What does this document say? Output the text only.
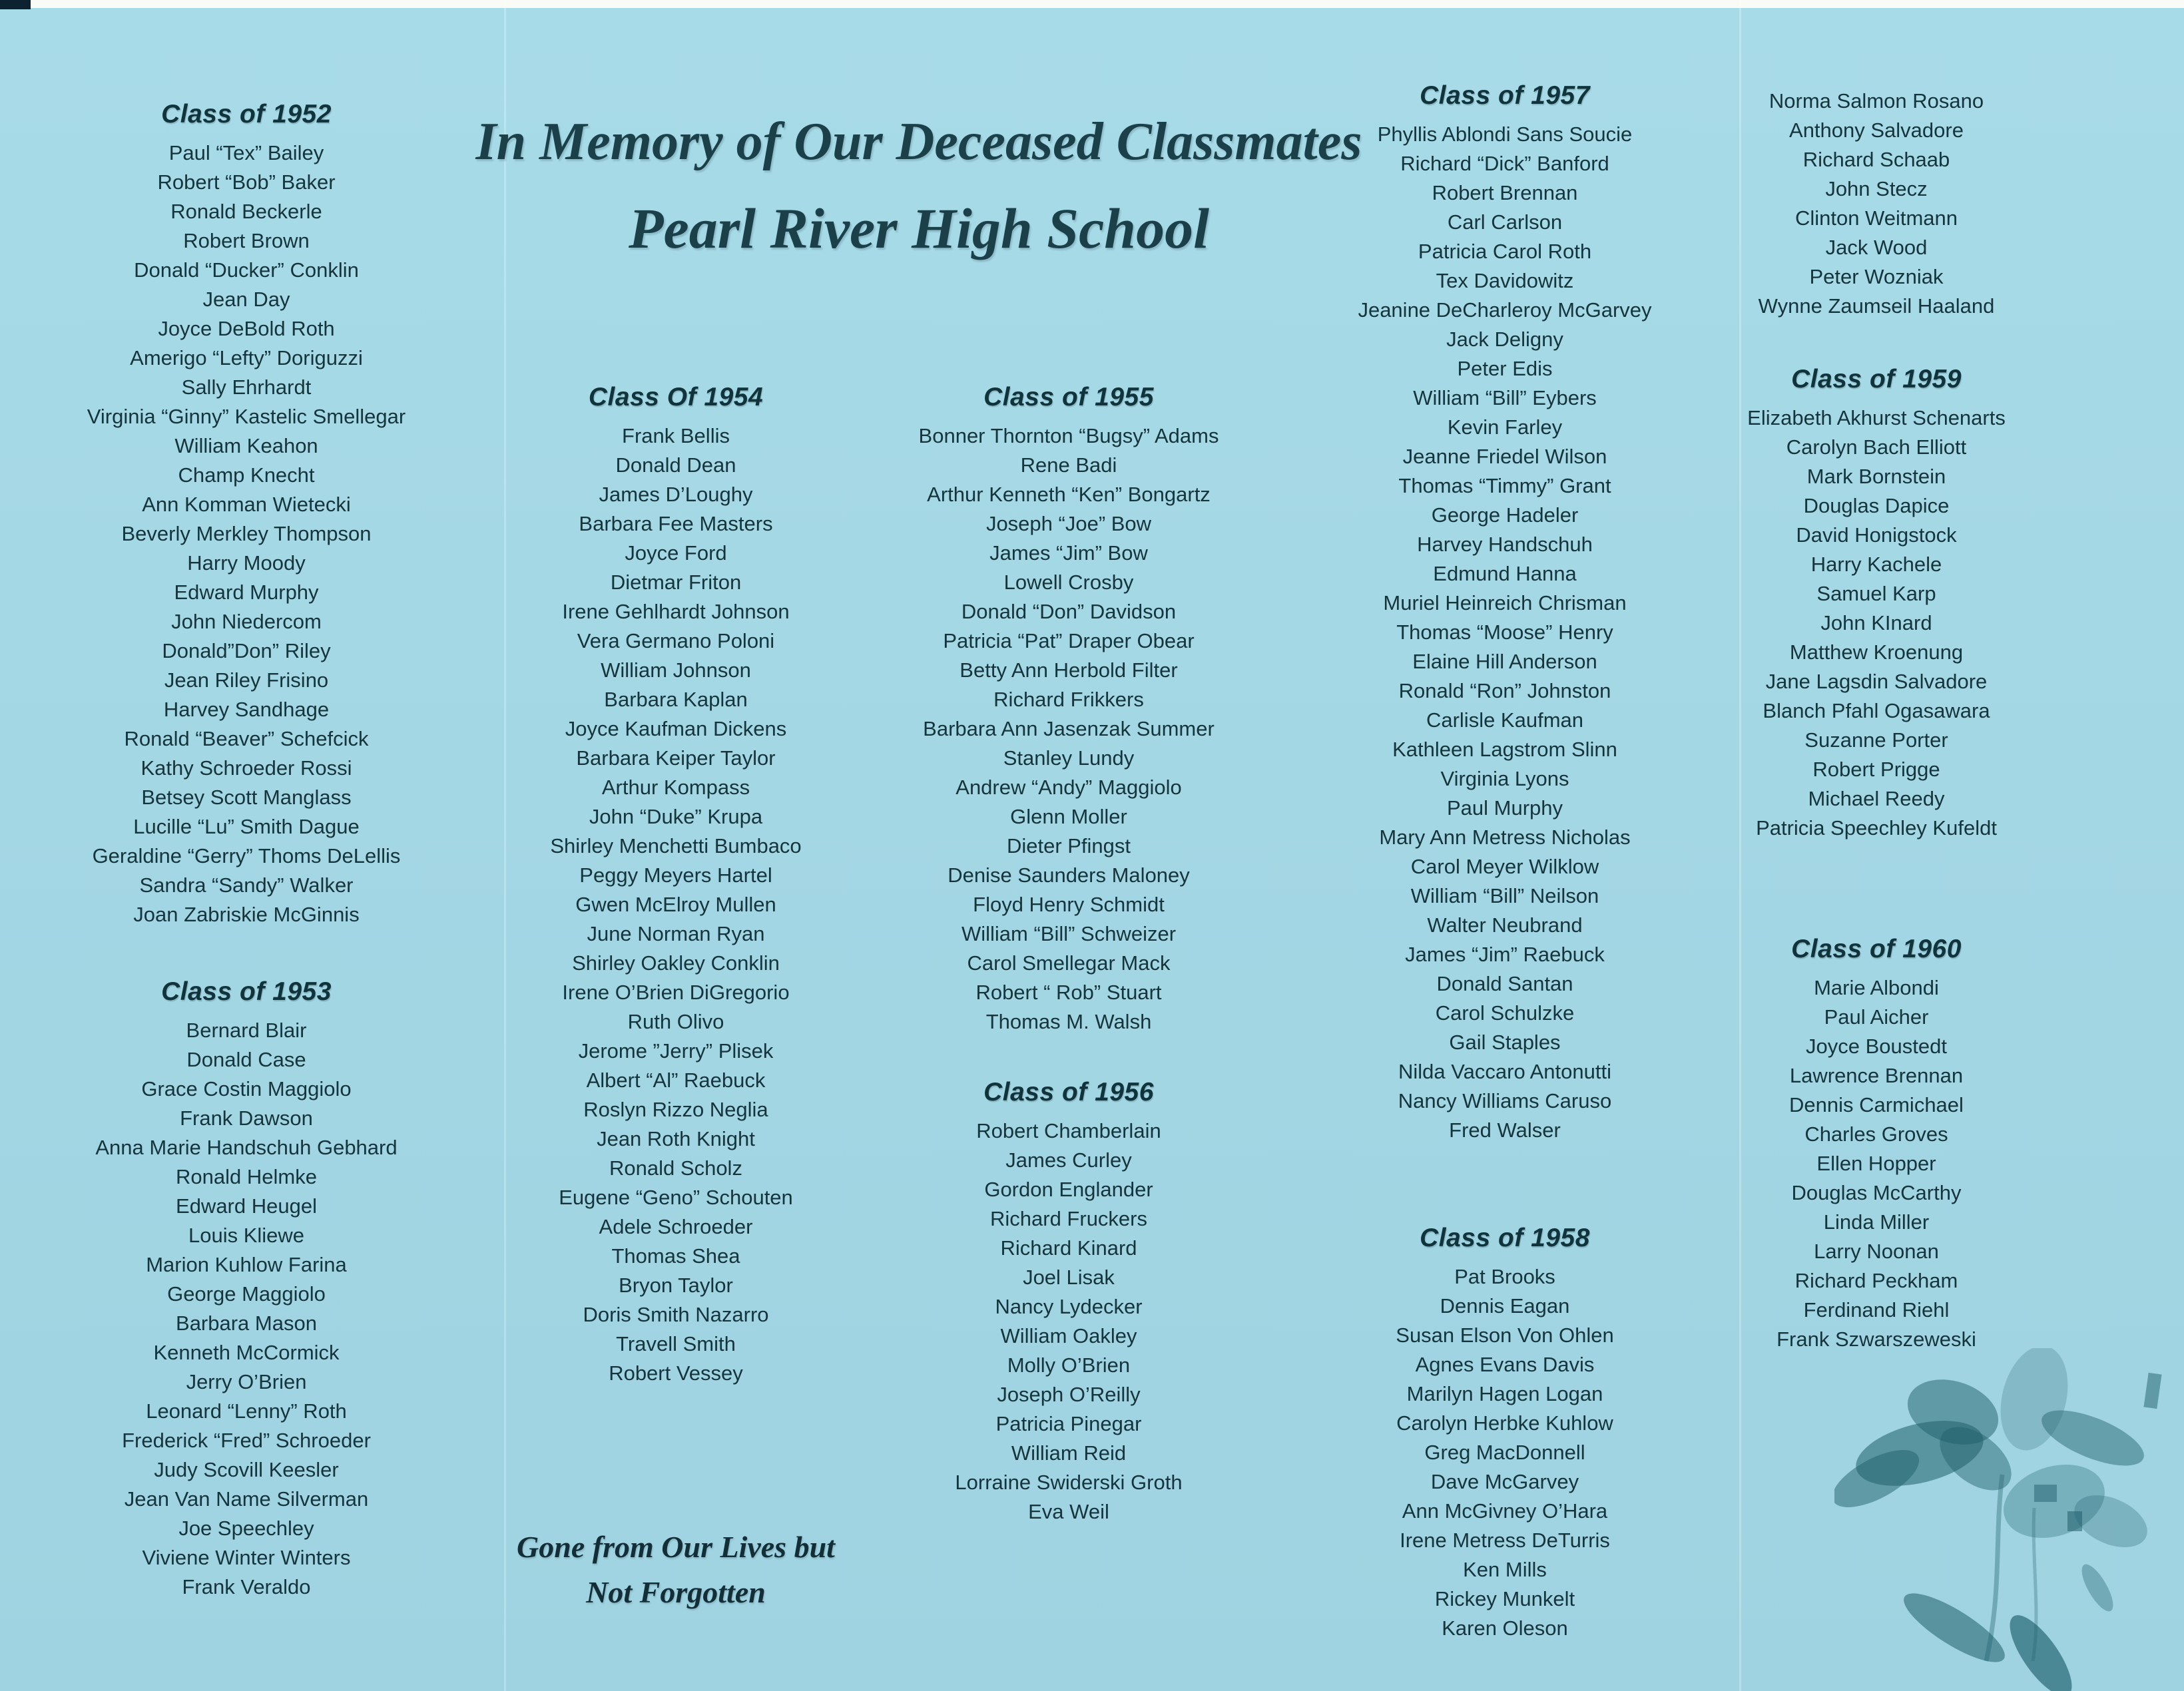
In Memory of Our Deceased Classmates
Pearl River High School
Class of 1952
Paul “Tex” Bailey
Robert “Bob” Baker
Ronald Beckerle
Robert Brown
Donald “Ducker” Conklin
Jean Day
Joyce DeBold Roth
Amerigo “Lefty” Doriguzzi
Sally Ehrhardt
Virginia “Ginny” Kastelic Smellegar
William Keahon
Champ Knecht
Ann Komman Wietecki
Beverly Merkley Thompson
Harry Moody
Edward Murphy
John Niedercom
Donald”Don” Riley
Jean Riley Frisino
Harvey Sandhage
Ronald “Beaver” Schefcick
Kathy Schroeder Rossi
Betsey Scott Manglass
Lucille “Lu” Smith Dague
Geraldine “Gerry” Thoms DeLellis
Sandra “Sandy” Walker
Joan Zabriskie McGinnis
Class of 1953
Bernard Blair
Donald Case
Grace Costin Maggiolo
Frank Dawson
Anna Marie Handschuh Gebhard
Ronald Helmke
Edward Heugel
Louis Kliewe
Marion Kuhlow Farina
George Maggiolo
Barbara Mason
Kenneth McCormick
Jerry O’Brien
Leonard “Lenny” Roth
Frederick “Fred” Schroeder
Judy Scovill Keesler
Jean Van Name Silverman
Joe Speechley
Viviene Winter Winters
Frank Veraldo
Class Of 1954
Frank Bellis
Donald Dean
James D’Loughy
Barbara Fee Masters
Joyce Ford
Dietmar Friton
Irene Gehlhardt Johnson
Vera Germano Poloni
William Johnson
Barbara Kaplan
Joyce Kaufman Dickens
Barbara Keiper Taylor
Arthur Kompass
John “Duke” Krupa
Shirley Menchetti Bumbaco
Peggy Meyers Hartel
Gwen McElroy Mullen
June Norman Ryan
Shirley Oakley Conklin
Irene O’Brien DiGregorio
Ruth Olivo
Jerome ”Jerry” Plisek
Albert “Al” Raebuck
Roslyn Rizzo Neglia
Jean Roth Knight
Ronald Scholz
Eugene “Geno” Schouten
Adele Schroeder
Thomas Shea
Bryon Taylor
Doris Smith Nazarro
Travell Smith
Robert Vessey
Class of 1955
Bonner Thornton “Bugsy” Adams
Rene Badi
Arthur Kenneth “Ken” Bongartz
Joseph “Joe” Bow
James “Jim” Bow
Lowell Crosby
Donald “Don” Davidson
Patricia “Pat” Draper Obear
Betty Ann Herbold Filter
Richard Frikkers
Barbara Ann Jasenzak Summer
Stanley Lundy
Andrew “Andy” Maggiolo
Glenn Moller
Dieter Pfingst
Denise Saunders Maloney
Floyd Henry Schmidt
William “Bill” Schweizer
Carol Smellegar Mack
Robert “ Rob” Stuart
Thomas M. Walsh
Class of 1956
Robert Chamberlain
James Curley
Gordon Englander
Richard Fruckers
Richard Kinard
Joel Lisak
Nancy Lydecker
William Oakley
Molly O’Brien
Joseph O’Reilly
Patricia Pinegar
William Reid
Lorraine Swiderski Groth
Eva Weil
Class of 1957
Phyllis Ablondi Sans Soucie
Richard “Dick” Banford
Robert Brennan
Carl Carlson
Patricia Carol Roth
Tex Davidowitz
Jeanine DeCharleroy McGarvey
Jack Deligny
Peter Edis
William “Bill” Eybers
Kevin Farley
Jeanne Friedel Wilson
Thomas “Timmy” Grant
George Hadeler
Harvey Handschuh
Edmund Hanna
Muriel Heinreich Chrisman
Thomas “Moose” Henry
Elaine Hill Anderson
Ronald “Ron” Johnston
Carlisle Kaufman
Kathleen Lagstrom Slinn
Virginia Lyons
Paul Murphy
Mary Ann Metress Nicholas
Carol Meyer Wilklow
William “Bill” Neilson
Walter Neubrand
James “Jim” Raebuck
Donald Santan
Carol Schulzke
Gail Staples
Nilda Vaccaro Antonutti
Nancy Williams Caruso
Fred Walser
Class of 1958
Pat Brooks
Dennis Eagan
Susan Elson Von Ohlen
Agnes Evans Davis
Marilyn Hagen Logan
Carolyn Herbke Kuhlow
Greg MacDonnell
Dave McGarvey
Ann McGivney O’Hara
Irene Metress DeTurris
Ken Mills
Rickey Munkelt
Karen Oleson
Norma Salmon Rosano
Anthony Salvadore
Richard Schaab
John Stecz
Clinton Weitmann
Jack Wood
Peter Wozniak
Wynne Zaumseil Haaland
Class of 1959
Elizabeth Akhurst Schenarts
Carolyn Bach Elliott
Mark Bornstein
Douglas Dapice
David Honigstock
Harry Kachele
Samuel Karp
John KInard
Matthew Kroenung
Jane Lagsdin Salvadore
Blanch Pfahl Ogasawara
Suzanne Porter
Robert Prigge
Michael Reedy
Patricia Speechley Kufeldt
Class of 1960
Marie Albondi
Paul Aicher
Joyce Boustedt
Lawrence Brennan
Dennis Carmichael
Charles Groves
Ellen Hopper
Douglas McCarthy
Linda Miller
Larry Noonan
Richard Peckham
Ferdinand Riehl
Frank Szwarszeweski
Gone from Our Lives but
Not Forgotten
